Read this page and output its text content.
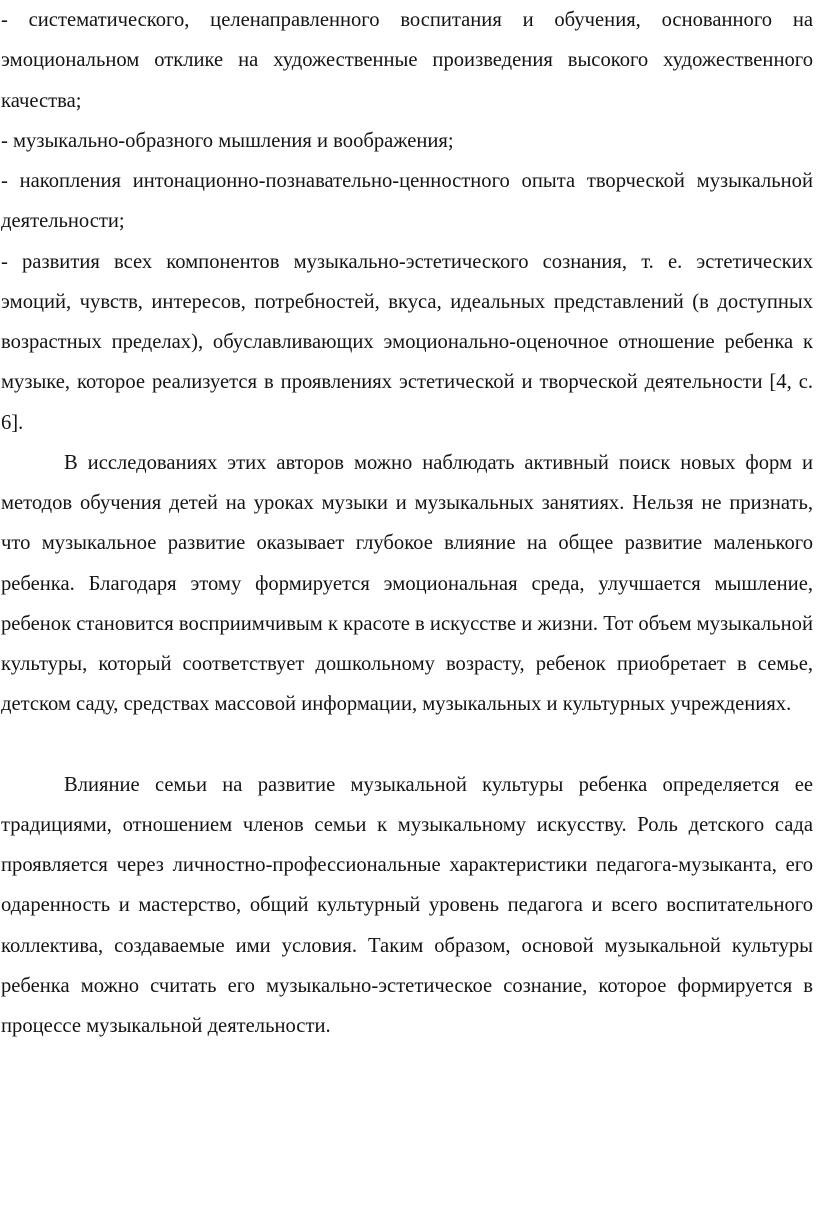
- систематического, целенаправленного воспитания и обучения, основанного на эмоциональном отклике на художественные произведения высокого художественного качества;

- музыкально-образного мышления и воображения;

- накопления интонационно-познавательно-ценностного опыта творческой музыкальной деятельности;

- развития всех компонентов музыкально-эстетического сознания, т. е. эстетических эмоций, чувств, интересов, потребностей, вкуса, идеальных представлений (в доступных возрастных пределах), обуславливающих эмоционально-оценочное отношение ребенка к музыке, которое реализуется в проявлениях эстетической и творческой деятельности [4, с. 6].

В исследованиях этих авторов можно наблюдать активный поиск новых форм и методов обучения детей на уроках музыки и музыкальных занятиях. Нельзя не признать, что музыкальное развитие оказывает глубокое влияние на общее развитие маленького ребенка. Благодаря этому формируется эмоциональная среда, улучшается мышление, ребенок становится восприимчивым к красоте в искусстве и жизни. Тот объем музыкальной культуры, который соответствует дошкольному возрасту, ребенок приобретает в семье, детском саду, средствах массовой информации, музыкальных и культурных учреждениях.

Влияние семьи на развитие музыкальной культуры ребенка определяется ее традициями, отношением членов семьи к музыкальному искусству. Роль детского сада проявляется через личностно-профессиональные характеристики педагога-музыканта, его одаренность и мастерство, общий культурный уровень педагога и всего воспитательного коллектива, создаваемые ими условия. Таким образом, основой музыкальной культуры ребенка можно считать его музыкально-эстетическое сознание, которое формируется в процессе музыкальной деятельности.
